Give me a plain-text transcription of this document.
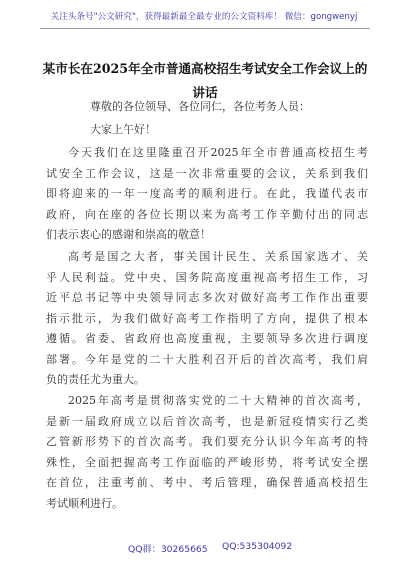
关注头条号"公文研究"，获得最新最全最专业的公文资料库！ 微信：gongwenyj
某市长在2025年全市普通高校招生考试安全工作会议上的
讲话
尊敬的各位领导、各位同仁，各位考务人员：
大家上午好！
今天我们在这里隆重召开2025年全市普通高校招生考
试安全工作会议，这是一次非常重要的会议，关系到我们
即将迎来的一年一度高考的顺利进行。在此，我谨代表市
政府，向在座的各位长期以来为高考工作辛勤付出的同志
们表示衷心的感谢和崇高的敬意！
高考是国之大者，事关国计民生、关系国家选才、关
乎人民利益。党中央、国务院高度重视高考招生工作，习
近平总书记等中央领导同志多次对做好高考工作作出重要
指示批示，为我们做好高考工作指明了方向，提供了根本
遵循。省委、省政府也高度重视，主要领导多次进行调度
部署。今年是党的二十大胜利召开后的首次高考，我们肩
负的责任尤为重大。
2025年高考是贯彻落实党的二十大精神的首次高考，
是新一届政府成立以后首次高考，也是新冠疫情实行乙类
乙管新形势下的首次高考。我们要充分认识今年高考的特
殊性，全面把握高考工作面临的严峻形势，将考试安全摆
在首位，注重考前、考中、考后管理，确保普通高校招生
考试顺利进行。
QQ群：30265665 QQ:535304092
